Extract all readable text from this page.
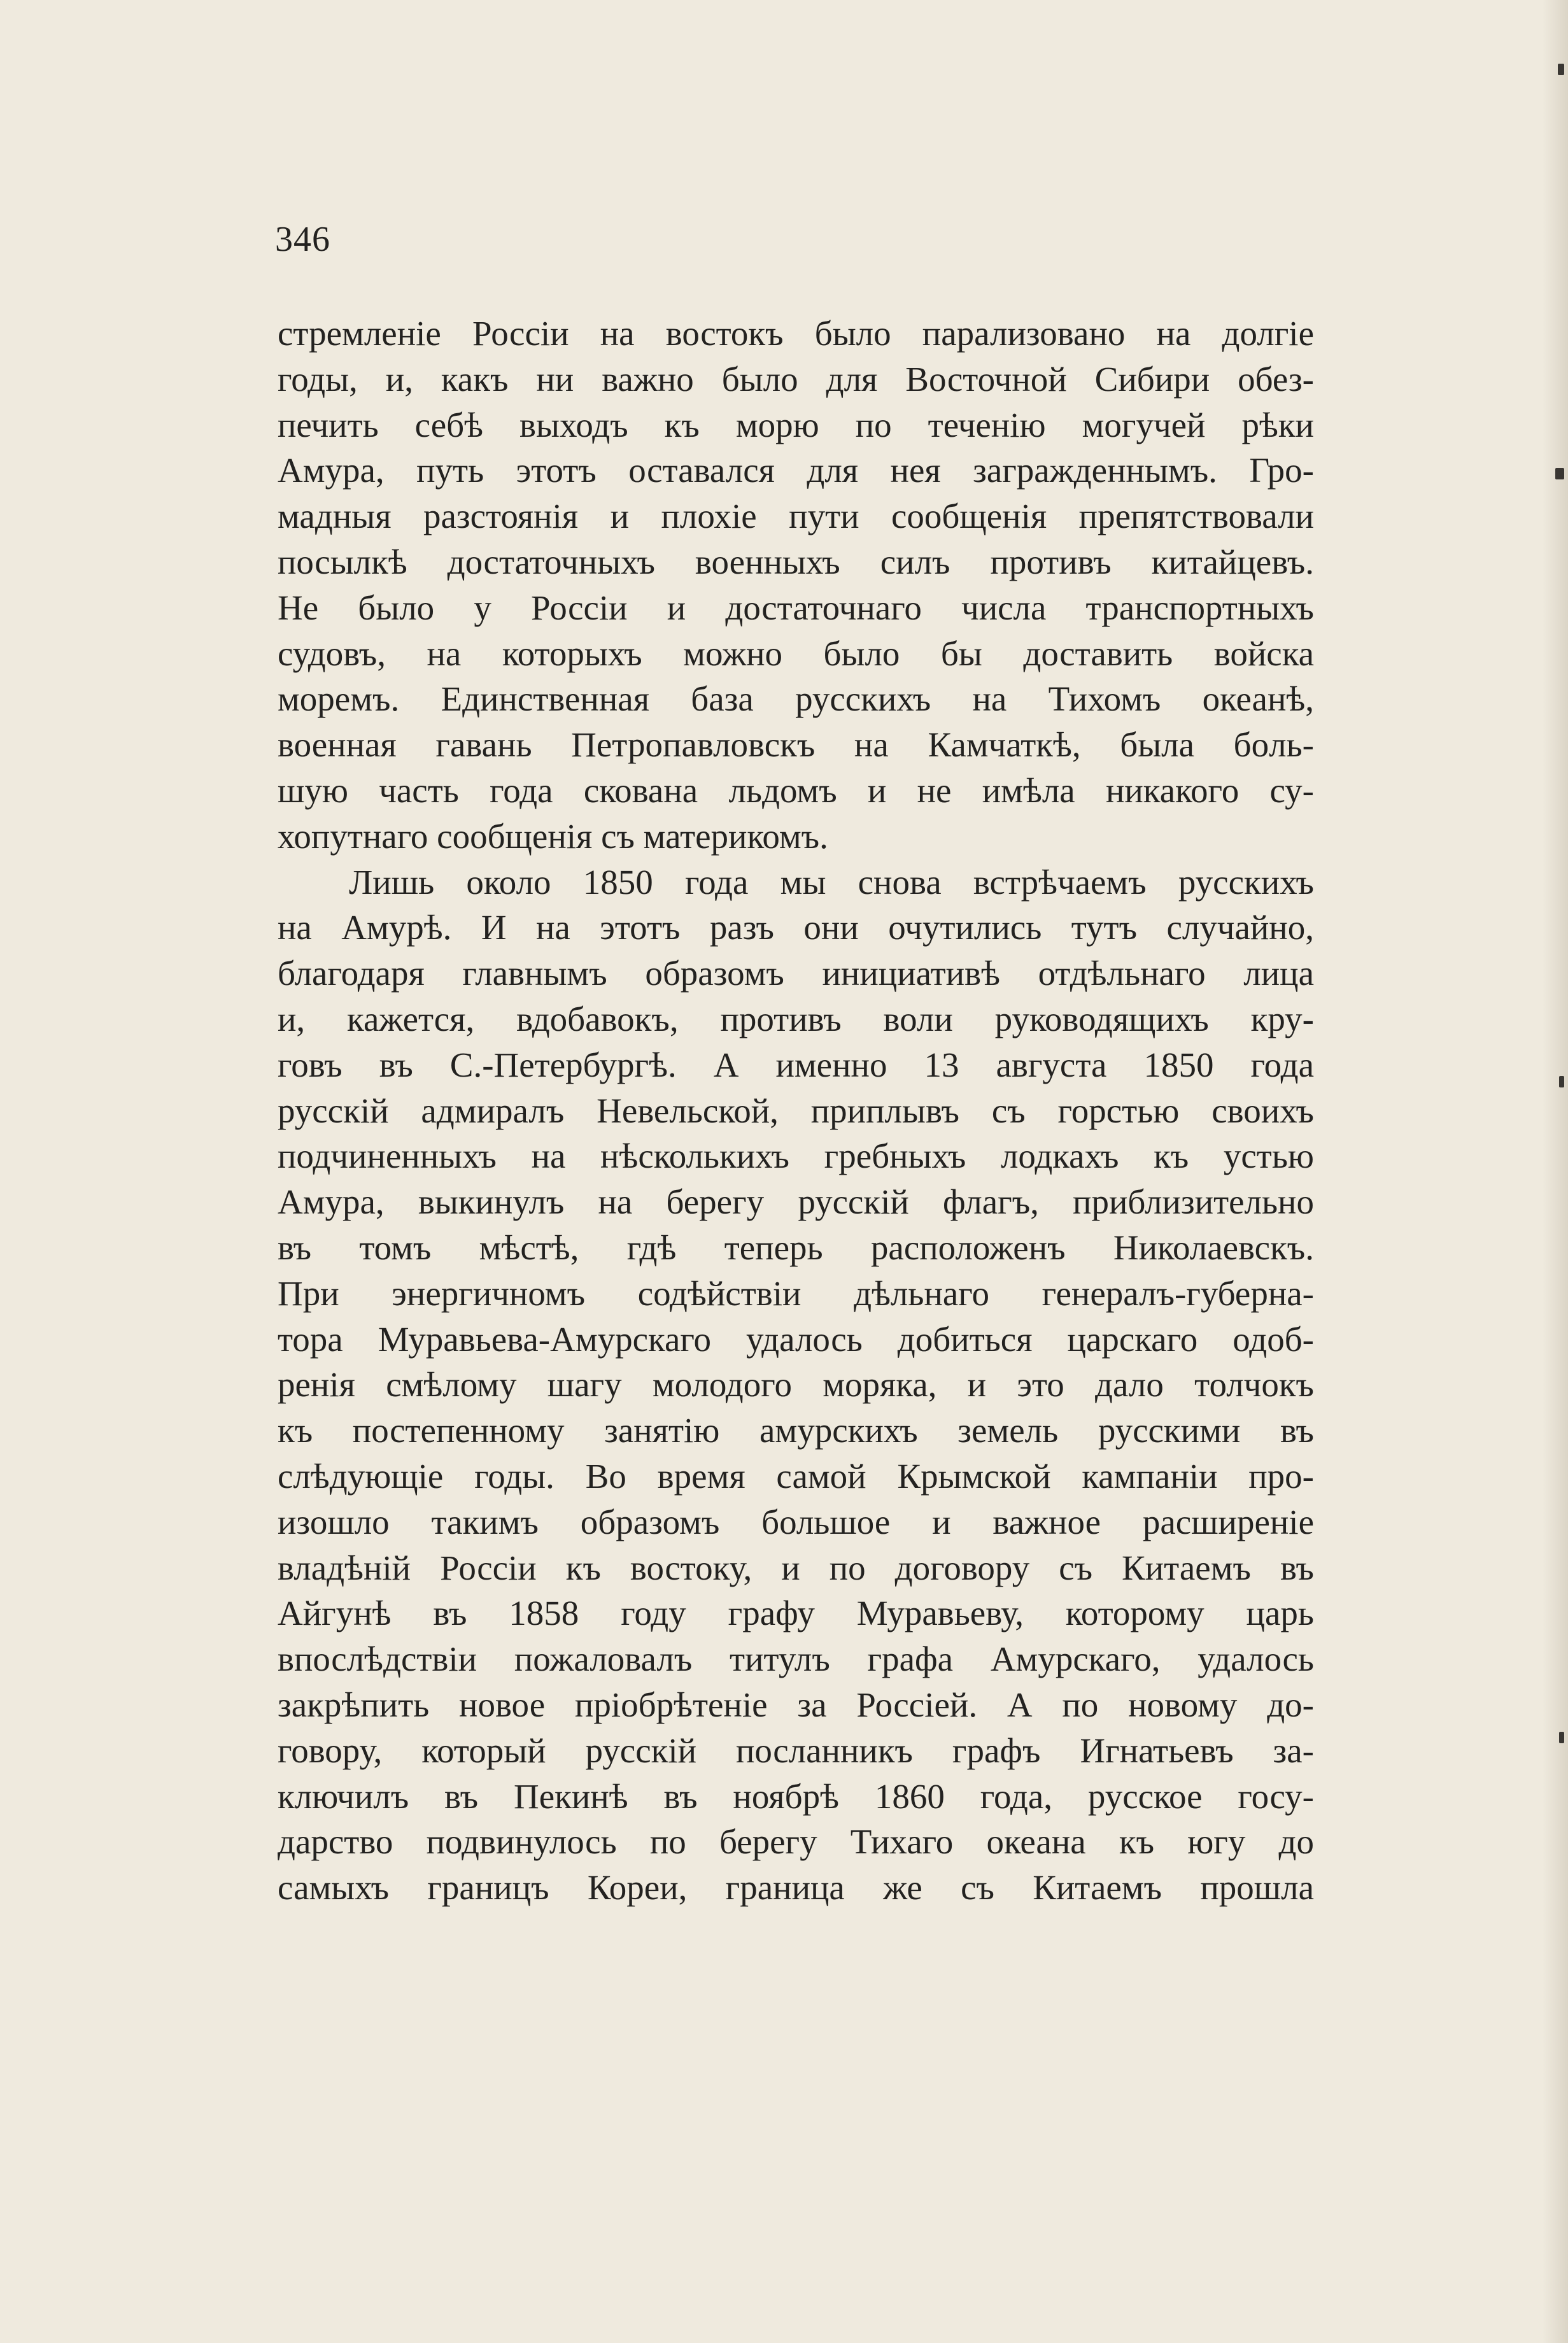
346
стремленіе Россіи на востокъ было парализовано на долгіе
годы, и, какъ ни важно было для Восточной Сибири обез-
печить себѣ выходъ къ морю по теченію могучей рѣки
Амура, путь этотъ оставался для нея загражденнымъ. Гро-
мадныя разстоянія и плохіе пути сообщенія препятствовали
посылкѣ достаточныхъ военныхъ силъ противъ китайцевъ.
Не было у Россіи и достаточнаго числа транспортныхъ
судовъ, на которыхъ можно было бы доставить войска
моремъ. Единственная база русскихъ на Тихомъ океанѣ,
военная гавань Петропавловскъ на Камчаткѣ, была бoль-
шую часть года скована льдомъ и не имѣла никакого су-
хопутнаго сообщенія съ материкомъ.
Лишь около 1850 года мы снова встрѣчаемъ русскихъ
на Амурѣ. И на этотъ разъ они очутились тутъ случайно,
благодаря главнымъ образомъ инициативѣ отдѣльнаго лица
и, кажется, вдобавокъ, противъ воли руководящихъ кру-
говъ въ С.-Петербургѣ. А именно 13 августа 1850 года
русскій адмиралъ Невельской, приплывъ съ горстью своихъ
подчиненныхъ на нѣсколькихъ гребныхъ лодкахъ къ устью
Амура, выкинулъ на берегу русскій флагъ, приблизительно
въ томъ мѣстѣ, гдѣ теперь расположенъ Николаевскъ.
При энергичномъ содѣйствіи дѣльнаго генералъ-губерна-
тора Муравьева-Амурскаго удалось добиться царскаго одоб-
ренія смѣлому шагу молодого моряка, и это дало толчокъ
къ постепенному занятію амурскихъ земель русскими въ
слѣдующіе годы. Во время самой Крымской кампаніи про-
изошло такимъ образомъ большое и важное расширеніе
владѣній Россіи къ востоку, и по договору съ Китаемъ въ
Айгунѣ въ 1858 году графу Муравьеву, которому царь
впослѣдствіи пожаловалъ титулъ графа Амурскаго, удалось
закрѣпить новое пріобрѣтеніе за Россіей. А по новому до-
говору, который русскій посланникъ графъ Игнатьевъ за-
ключилъ въ Пекинѣ въ ноябрѣ 1860 года, русское госу-
дарство подвинулось по берегу Тихаго океана къ югу до
самыхъ границъ Кореи, граница же съ Китаемъ прошла
